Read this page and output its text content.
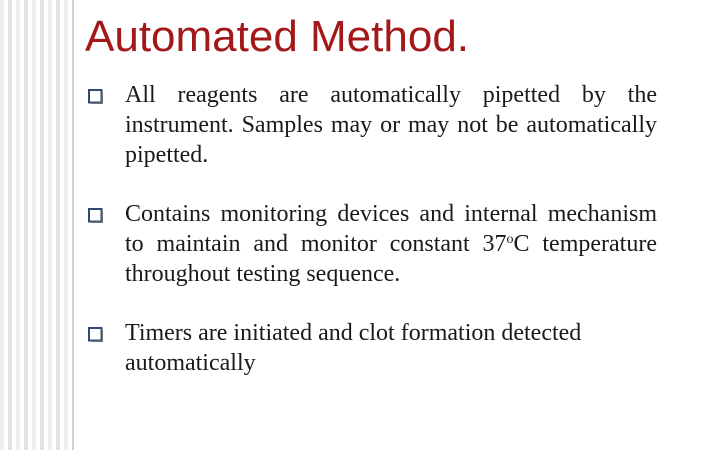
Automated Method.
All reagents are automatically pipetted by the instrument. Samples may or may not be automatically pipetted.
Contains monitoring devices and internal mechanism to maintain and monitor constant 37$^o$C temperature throughout testing sequence.
Timers are initiated and clot formation detected automatically
